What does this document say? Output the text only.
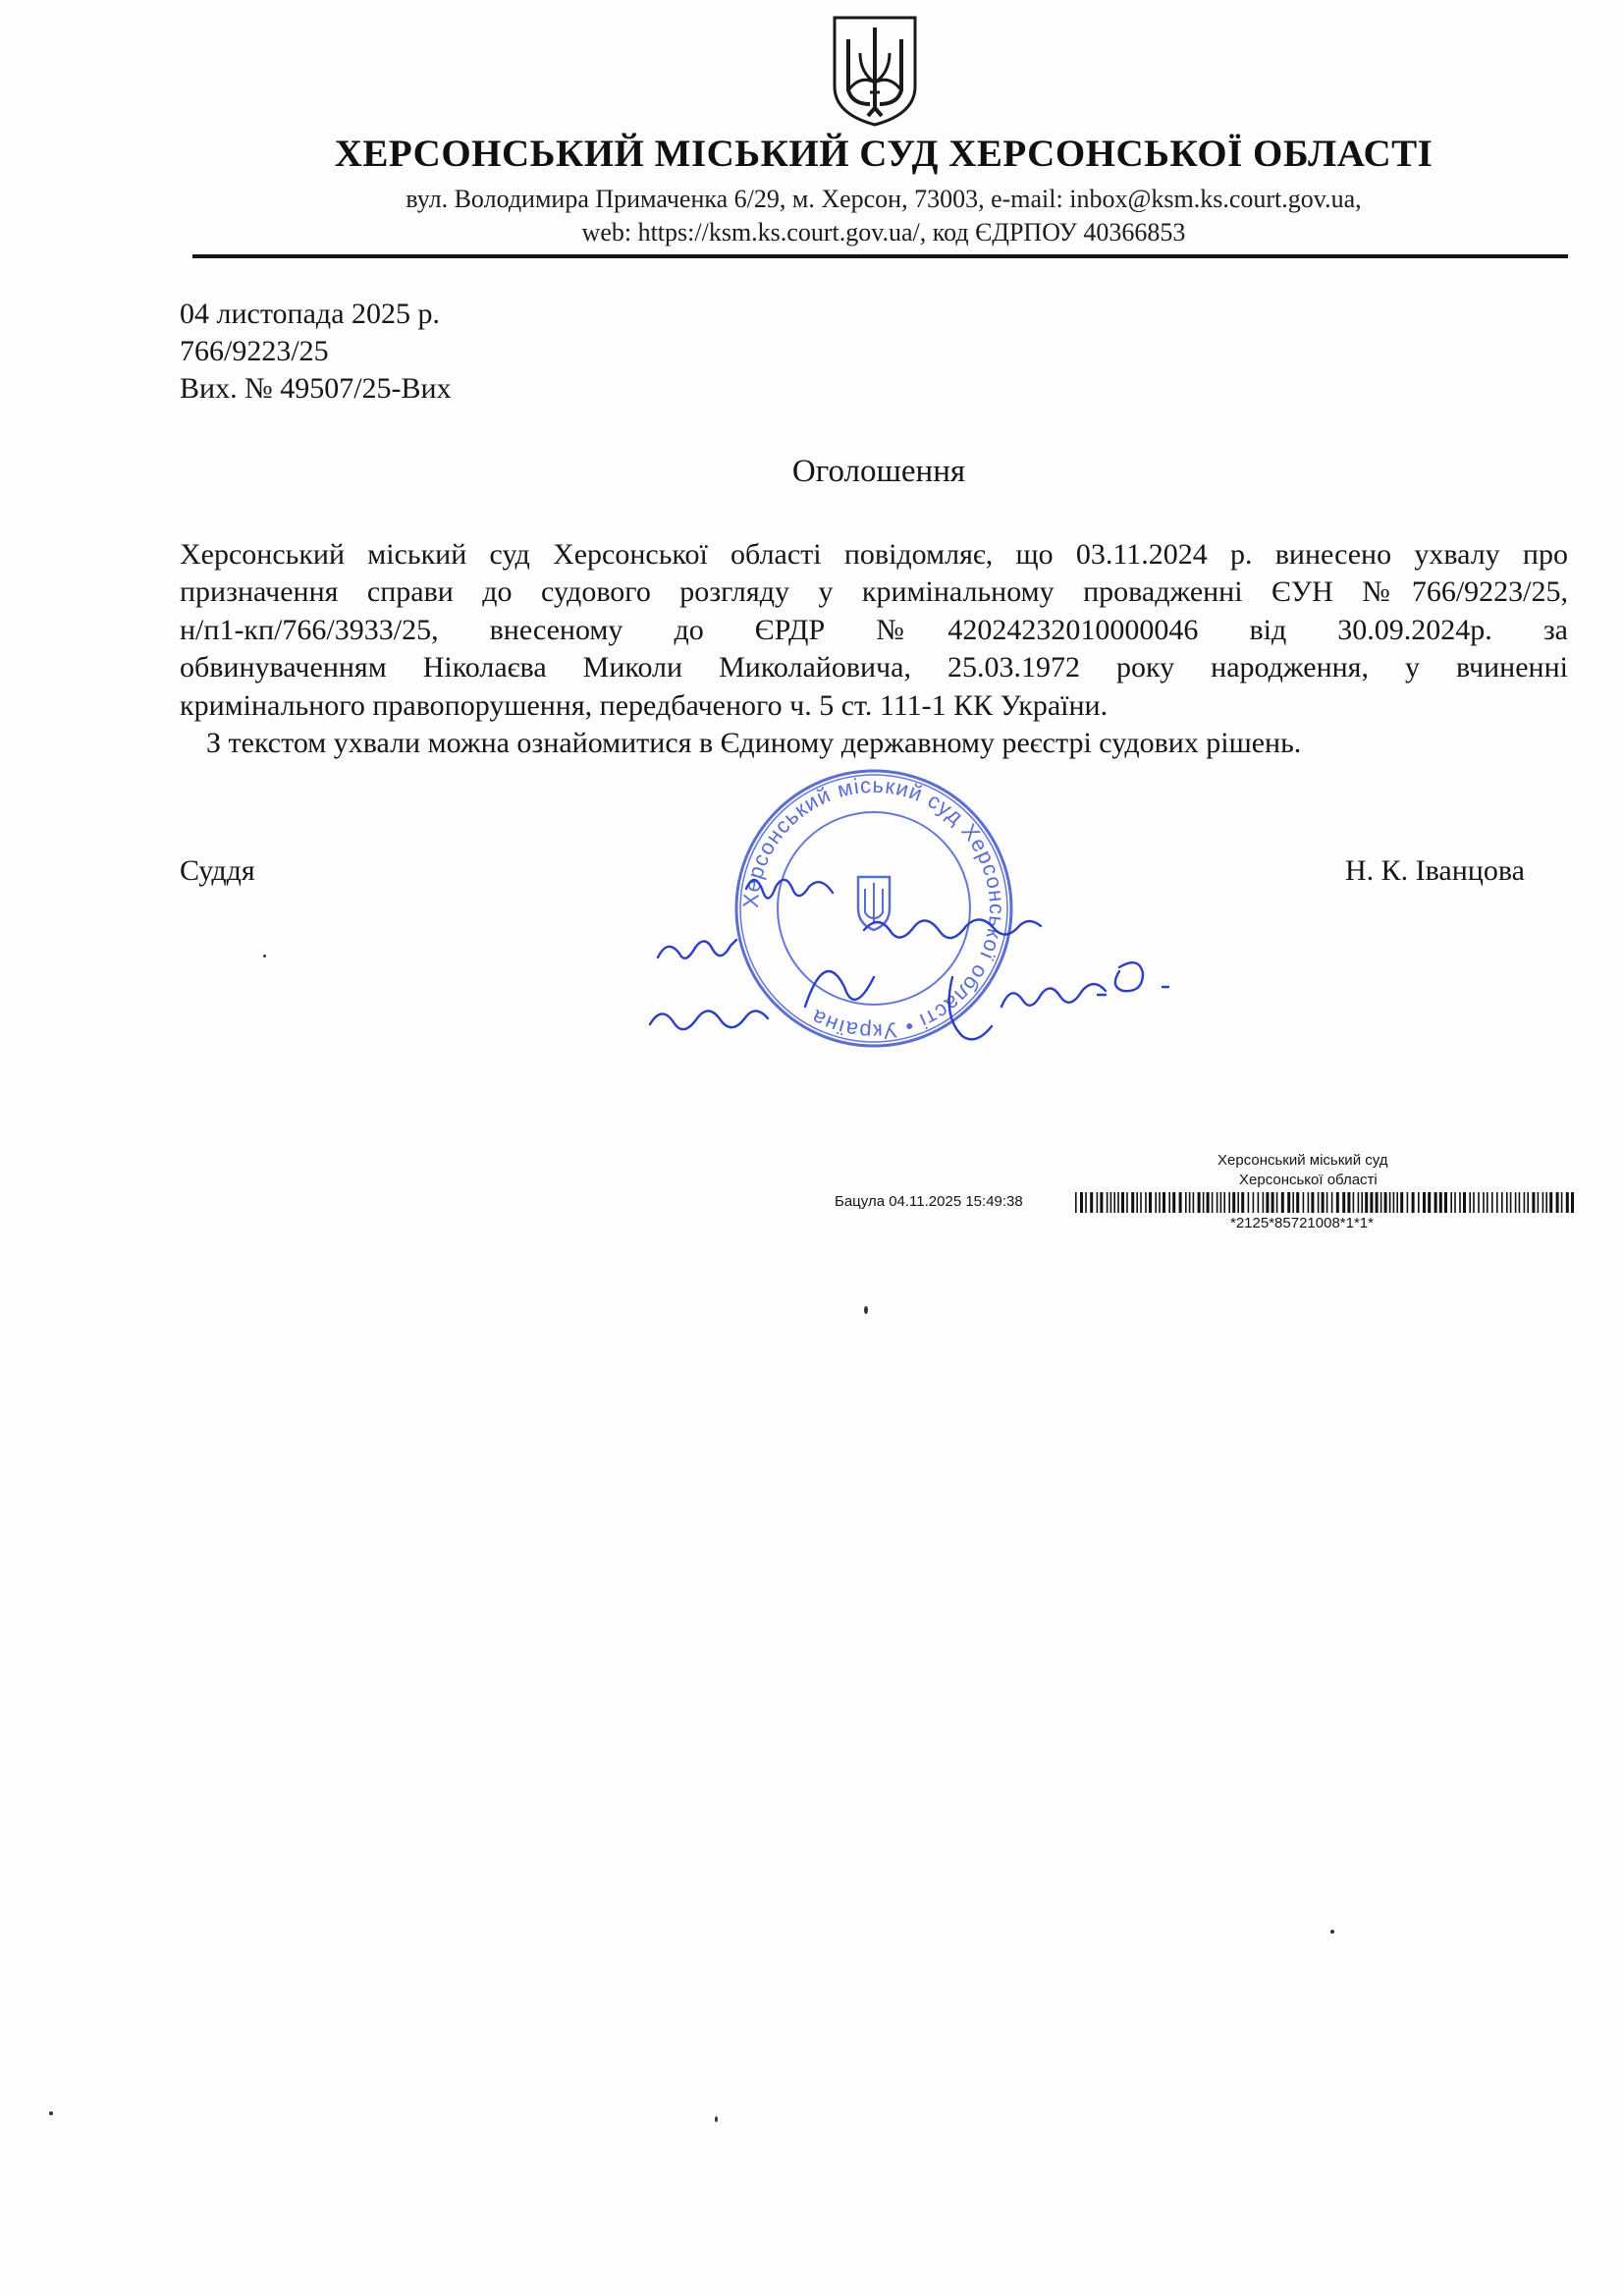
ХЕРСОНСЬКИЙ МІСЬКИЙ СУД ХЕРСОНСЬКОЇ ОБЛАСТІ
вул. Володимира Примаченка 6/29, м. Херсон, 73003, e-mail: inbox@ksm.ks.court.gov.ua,
web: https://ksm.ks.court.gov.ua/, код ЄДРПОУ 40366853
04 листопада 2025 р.
766/9223/25
Вих. № 49507/25-Вих
Оголошення
Херсонський міський суд Херсонської області повідомляє, що 03.11.2024 р. винесено ухвалу про
призначення справи до судового розгляду у кримінальному провадженні ЄУН №766/9223/25,
н/п1-кп/766/3933/25, внесеному до ЄРДР №42024232010000046 від 30.09.2024р. за
обвинуваченням Ніколаєва Миколи Миколайовича, 25.03.1972 року народження, у вчиненні
кримінального правопорушення, передбаченого ч. 5 ст. 111-1 КК України.
З текстом ухвали можна ознайомитися в Єдиному державному реєстрі судових рішень.
Суддя	Н. К. Іванцова
Херсонський міський суд Херсонської області • Україна
Херсонський міський суд
Херсонської області
Бацула 04.11.2025 15:49:38
*2125*85721008*1*1*
